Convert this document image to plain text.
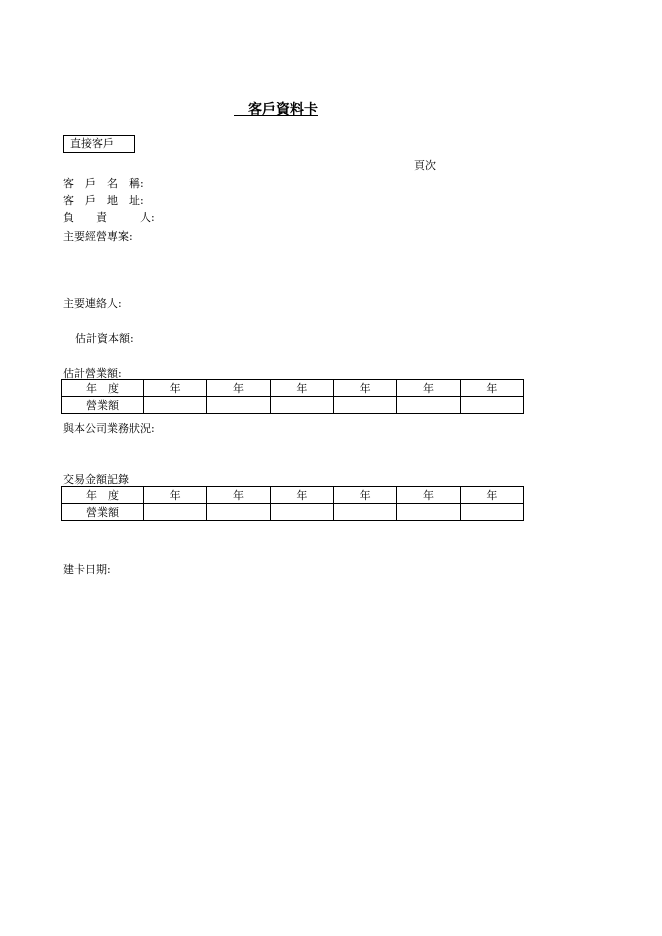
　客戶資料卡
直接客戶
頁次
客　戶　名　稱:
客　戶　地　址:
負　　責　　　人:
主要經營專案:
主要連絡人:
估計資本額:
估計營業額:
年　度	年	年	年	年	年	年
營業額						
與本公司業務狀況:
交易金額記錄
年　度	年	年	年	年	年	年
營業額						
建卡日期:
